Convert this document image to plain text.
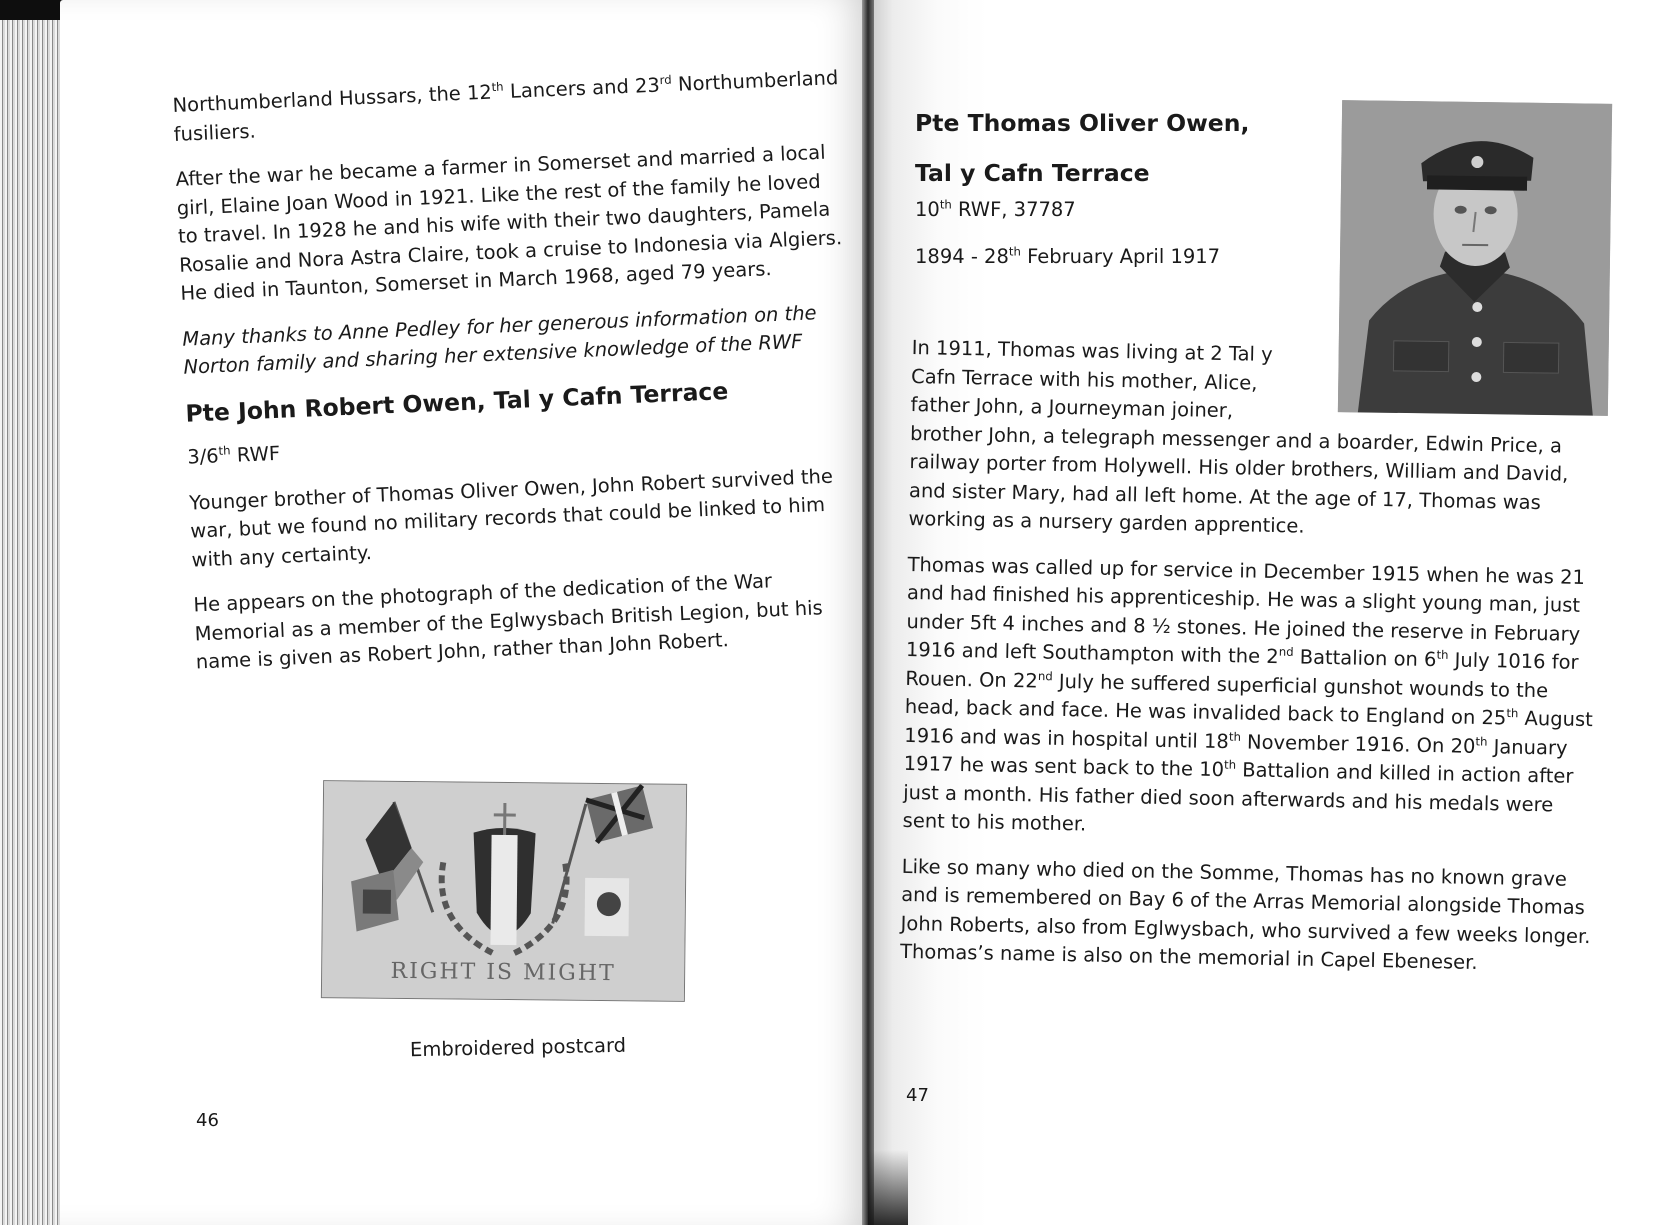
Northumberland Hussars, the 12th Lancers and 23rd Northumberland fusiliers.

After the war he became a farmer in Somerset and married a local girl, Elaine Joan Wood in 1921. Like the rest of the family he loved to travel. In 1928 he and his wife with their two daughters, Pamela Rosalie and Nora Astra Claire, took a cruise to Indonesia via Algiers. He died in Taunton, Somerset in March 1968, aged 79 years.

Many thanks to Anne Pedley for her generous information on the Norton family and sharing her extensive knowledge of the RWF

Pte John Robert Owen, Tal y Cafn Terrace

3/6th RWF

Younger brother of Thomas Oliver Owen, John Robert survived the war, but we found no military records that could be linked to him with any certainty.

He appears on the photograph of the dedication of the War Memorial as a member of the Eglwysbach British Legion, but his name is given as Robert John, rather than John Robert.

RIGHT IS MIGHT
Embroidered postcard
46
Pte Thomas Oliver Owen,
Tal y Cafn Terrace
10th RWF, 37787
1894 - 28th February April 1917

In 1911, Thomas was living at 2 Tal y
Cafn Terrace with his mother, Alice,
father John, a Journeyman joiner,
brother John, a telegraph messenger and a boarder, Edwin Price, a railway porter from Holywell. His older brothers, William and David, and sister Mary, had all left home. At the age of 17, Thomas was working as a nursery garden apprentice.

Thomas was called up for service in December 1915 when he was 21 and had finished his apprenticeship. He was a slight young man, just under 5ft 4 inches and 8 ½ stones. He joined the reserve in February 1916 and left Southampton with the 2nd Battalion on 6th July 1016 for Rouen. On 22nd July he suffered superficial gunshot wounds to the head, back and face. He was invalided back to England on 25th August 1916 and was in hospital until 18th November 1916. On 20th January 1917 he was sent back to the 10th Battalion and killed in action after just a month. His father died soon afterwards and his medals were sent to his mother.

Like so many who died on the Somme, Thomas has no known grave and is remembered on Bay 6 of the Arras Memorial alongside Thomas John Roberts, also from Eglwysbach, who survived a few weeks longer. Thomas’s name is also on the memorial in Capel Ebeneser.

47
